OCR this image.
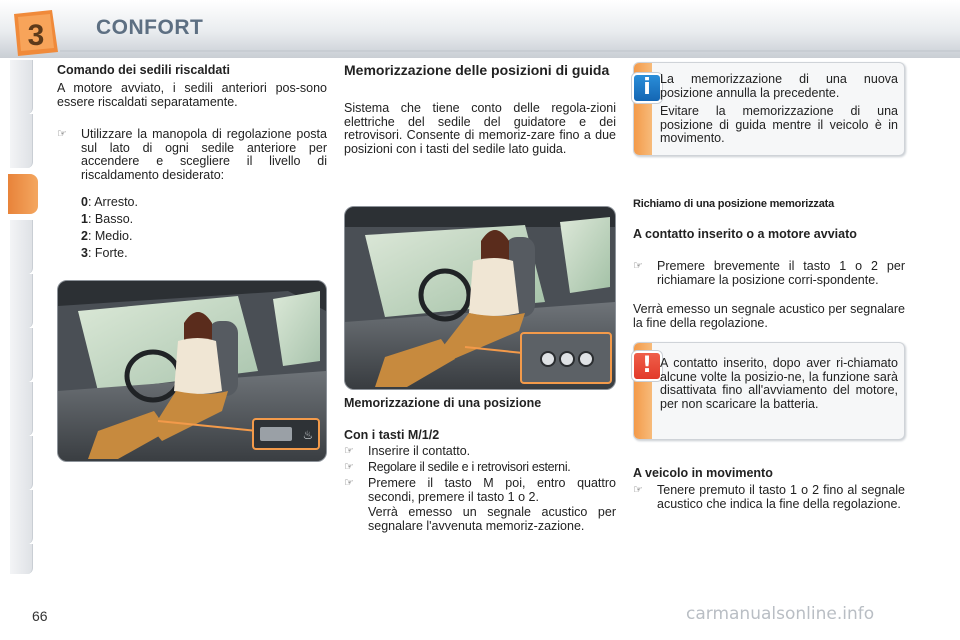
3 CONFORT
Comando dei sedili riscaldati
A motore avviato, i sedili anteriori pos-sono essere riscaldati separatamente.
☞ Utilizzare la manopola di regolazione posta sul lato di ogni sedile anteriore per accendere e scegliere il livello di riscaldamento desiderato:
0: Arresto.
1: Basso.
2: Medio.
3: Forte.
♨
Memorizzazione delle posizioni di guida
Sistema che tiene conto delle regola-zioni elettriche del sedile del guidatore e dei retrovisori. Consente di memoriz-zare fino a due posizioni con i tasti del sedile lato guida.
Memorizzazione di una posizione
Con i tasti M/1/2
☞ Inserire il contatto.
☞ Regolare il sedile e i retrovisori esterni.
☞ Premere il tasto M poi, entro quattro secondi, premere il tasto 1 o 2.
Verrà emesso un segnale acustico per segnalare l'avvenuta memoriz-zazione.
i La memorizzazione di una nuova posizione annulla la precedente.
Evitare la memorizzazione di una posizione di guida mentre il veicolo è in movimento.
Richiamo di una posizione memorizzata
A contatto inserito o a motore avviato
☞ Premere brevemente il tasto 1 o 2 per richiamare la posizione corri-spondente.
Verrà emesso un segnale acustico per segnalare la fine della regolazione.
! A contatto inserito, dopo aver ri-chiamato alcune volte la posizio-ne, la funzione sarà disattivata fino all'avviamento del motore, per non scaricare la batteria.
A veicolo in movimento
☞ Tenere premuto il tasto 1 o 2 fino al segnale acustico che indica la fine della regolazione.
66	carmanualsonline.info
